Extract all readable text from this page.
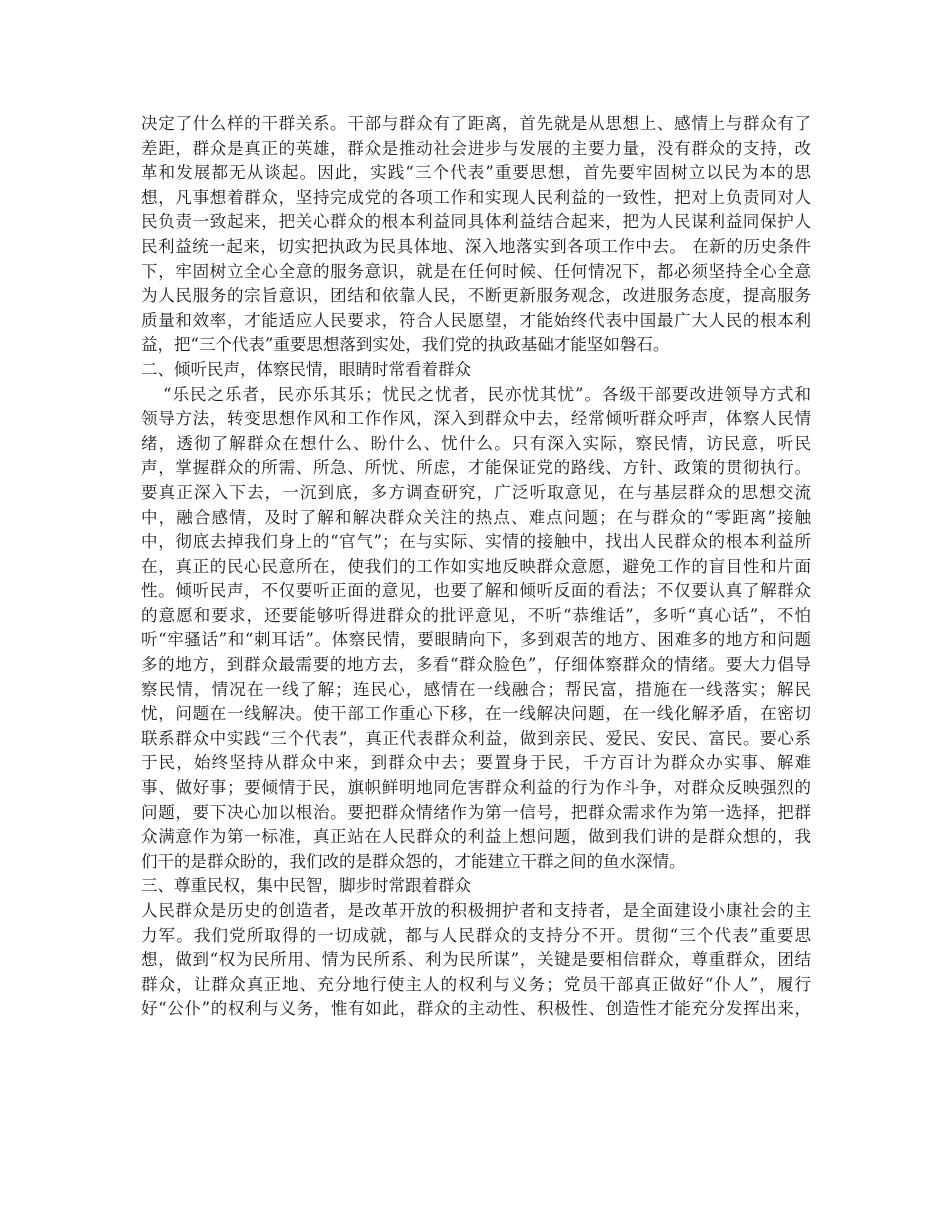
决定了什么样的干群关系。干部与群众有了距离，首先就是从思想上、感情上与群众有了
差距，群众是真正的英雄，群众是推动社会进步与发展的主要力量，没有群众的支持，改
革和发展都无从谈起。因此，实践“三个代表”重要思想，首先要牢固树立以民为本的思
想，凡事想着群众，坚持完成党的各项工作和实现人民利益的一致性，把对上负责同对人
民负责一致起来，把关心群众的根本利益同具体利益结合起来，把为人民谋利益同保护人
民利益统一起来，切实把执政为民具体地、深入地落实到各项工作中去。 在新的历史条件
下，牢固树立全心全意的服务意识，就是在任何时候、任何情况下，都必须坚持全心全意
为人民服务的宗旨意识，团结和依靠人民，不断更新服务观念，改进服务态度，提高服务
质量和效率，才能适应人民要求，符合人民愿望，才能始终代表中国最广大人民的根本利
益，把“三个代表”重要思想落到实处，我们党的执政基础才能坚如磐石。
二、倾听民声，体察民情，眼睛时常看着群众
“乐民之乐者，民亦乐其乐；忧民之忧者，民亦忧其忧”。各级干部要改进领导方式和
领导方法，转变思想作风和工作作风，深入到群众中去，经常倾听群众呼声，体察人民情
绪，透彻了解群众在想什么、盼什么、忧什么。只有深入实际，察民情，访民意，听民
声，掌握群众的所需、所急、所忧、所虑，才能保证党的路线、方针、政策的贯彻执行。
要真正深入下去，一沉到底，多方调查研究，广泛听取意见，在与基层群众的思想交流
中，融合感情，及时了解和解决群众关注的热点、难点问题；在与群众的“零距离”接触
中，彻底去掉我们身上的“官气”；在与实际、实情的接触中，找出人民群众的根本利益所
在，真正的民心民意所在，使我们的工作如实地反映群众意愿，避免工作的盲目性和片面
性。倾听民声，不仅要听正面的意见，也要了解和倾听反面的看法；不仅要认真了解群众
的意愿和要求，还要能够听得进群众的批评意见，不听“恭维话”，多听“真心话”，不怕
听“牢骚话”和“刺耳话”。体察民情，要眼睛向下，多到艰苦的地方、困难多的地方和问题
多的地方，到群众最需要的地方去，多看“群众脸色”，仔细体察群众的情绪。要大力倡导
察民情，情况在一线了解；连民心，感情在一线融合；帮民富，措施在一线落实；解民
忧，问题在一线解决。使干部工作重心下移，在一线解决问题，在一线化解矛盾，在密切
联系群众中实践“三个代表”，真正代表群众利益，做到亲民、爱民、安民、富民。要心系
于民，始终坚持从群众中来，到群众中去；要置身于民，千方百计为群众办实事、解难
事、做好事；要倾情于民，旗帜鲜明地同危害群众利益的行为作斗争，对群众反映强烈的
问题，要下决心加以根治。要把群众情绪作为第一信号，把群众需求作为第一选择，把群
众满意作为第一标准，真正站在人民群众的利益上想问题，做到我们讲的是群众想的，我
们干的是群众盼的，我们改的是群众怨的，才能建立干群之间的鱼水深情。
三、尊重民权，集中民智，脚步时常跟着群众
人民群众是历史的创造者，是改革开放的积极拥护者和支持者，是全面建设小康社会的主
力军。我们党所取得的一切成就，都与人民群众的支持分不开。贯彻“三个代表”重要思
想，做到“权为民所用、情为民所系、利为民所谋”，关键是要相信群众，尊重群众，团结
群众，让群众真正地、充分地行使主人的权利与义务；党员干部真正做好“仆人”，履行
好“公仆”的权利与义务，惟有如此，群众的主动性、积极性、创造性才能充分发挥出来，
